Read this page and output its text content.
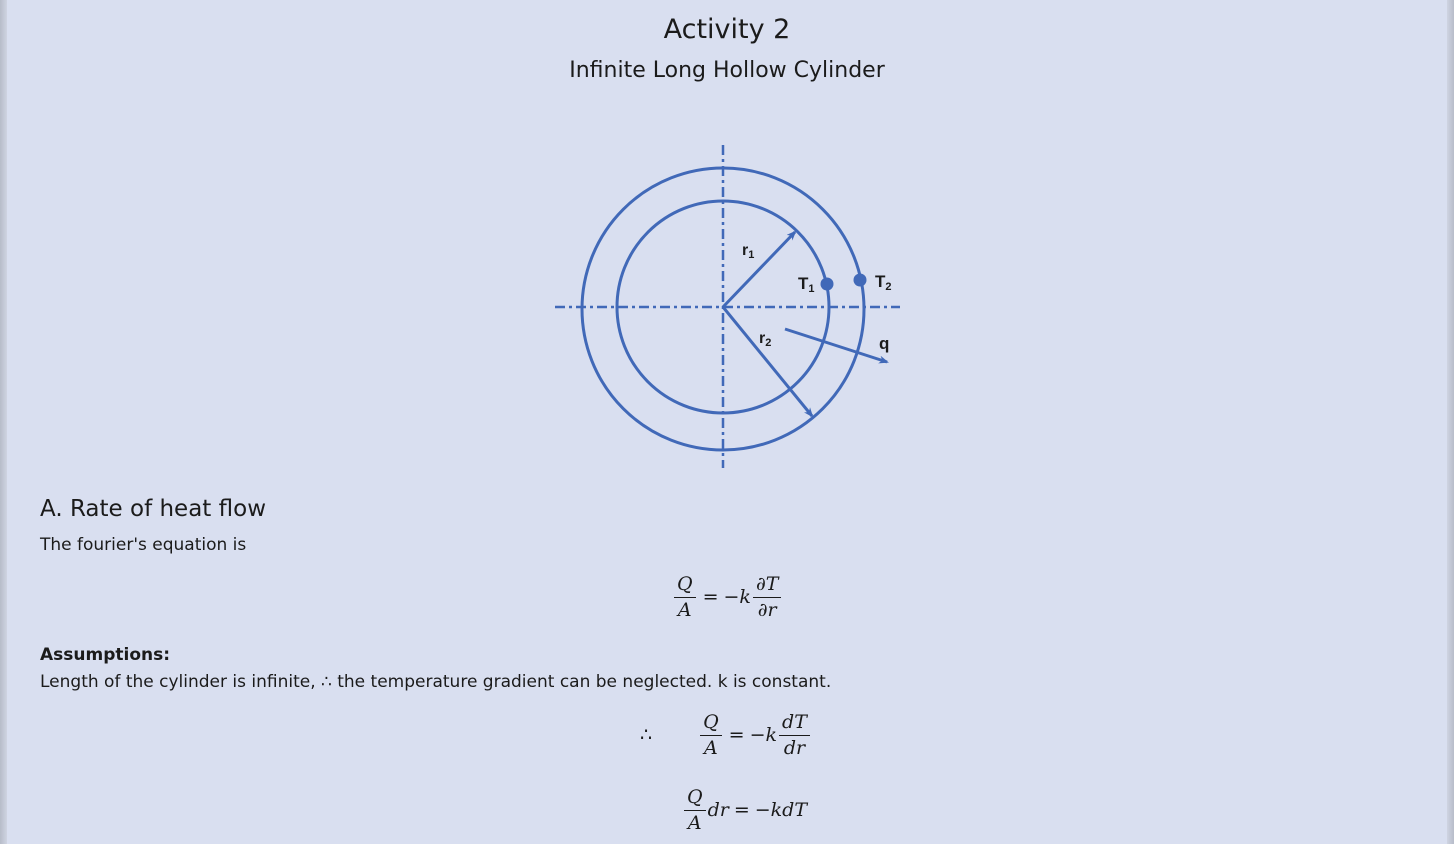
Activity 2
Infinite Long Hollow Cylinder
r1
r2
T1	T2
q
A. Rate of heat flow
The fourier's equation is
$\frac{Q}{A} = -k \frac{\partial T}{\partial r}$
Assumptions:
Length of the cylinder is infinite, ∴ the temperature gradient can be neglected. k is constant.
∴	$\frac{Q}{A} = -k \frac{dT}{dr}$
$\frac{Q}{A}$ dr = −kdT
